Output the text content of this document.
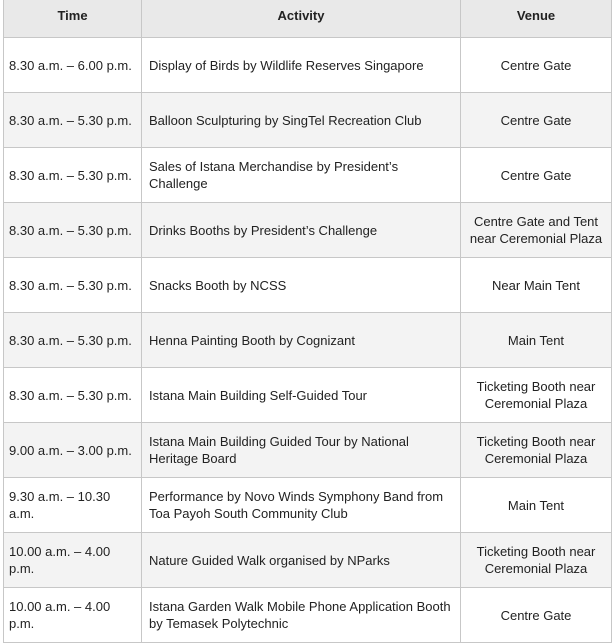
Time	Activity	Venue

8.30 a.m. – 6.00 p.m.	Display of Birds by Wildlife Reserves Singapore	Centre Gate
8.30 a.m. – 5.30 p.m.	Balloon Sculpturing by SingTel Recreation Club	Centre Gate
8.30 a.m. – 5.30 p.m.	Sales of Istana Merchandise by President’s Challenge	Centre Gate
8.30 a.m. – 5.30 p.m.	Drinks Booths by President’s Challenge	Centre Gate and Tent near Ceremonial Plaza
8.30 a.m. – 5.30 p.m.	Snacks Booth by NCSS	Near Main Tent
8.30 a.m. – 5.30 p.m.	Henna Painting Booth by Cognizant	Main Tent
8.30 a.m. – 5.30 p.m.	Istana Main Building Self-Guided Tour	Ticketing Booth near Ceremonial Plaza
9.00 a.m. – 3.00 p.m.	Istana Main Building Guided Tour by National Heritage Board	Ticketing Booth near Ceremonial Plaza
9.30 a.m. – 10.30 a.m.	Performance by Novo Winds Symphony Band from Toa Payoh South Community Club	Main Tent
10.00 a.m. – 4.00 p.m.	Nature Guided Walk organised by NParks	Ticketing Booth near Ceremonial Plaza
10.00 a.m. – 4.00 p.m.	Istana Garden Walk Mobile Phone Application Booth by Temasek Polytechnic	Centre Gate
